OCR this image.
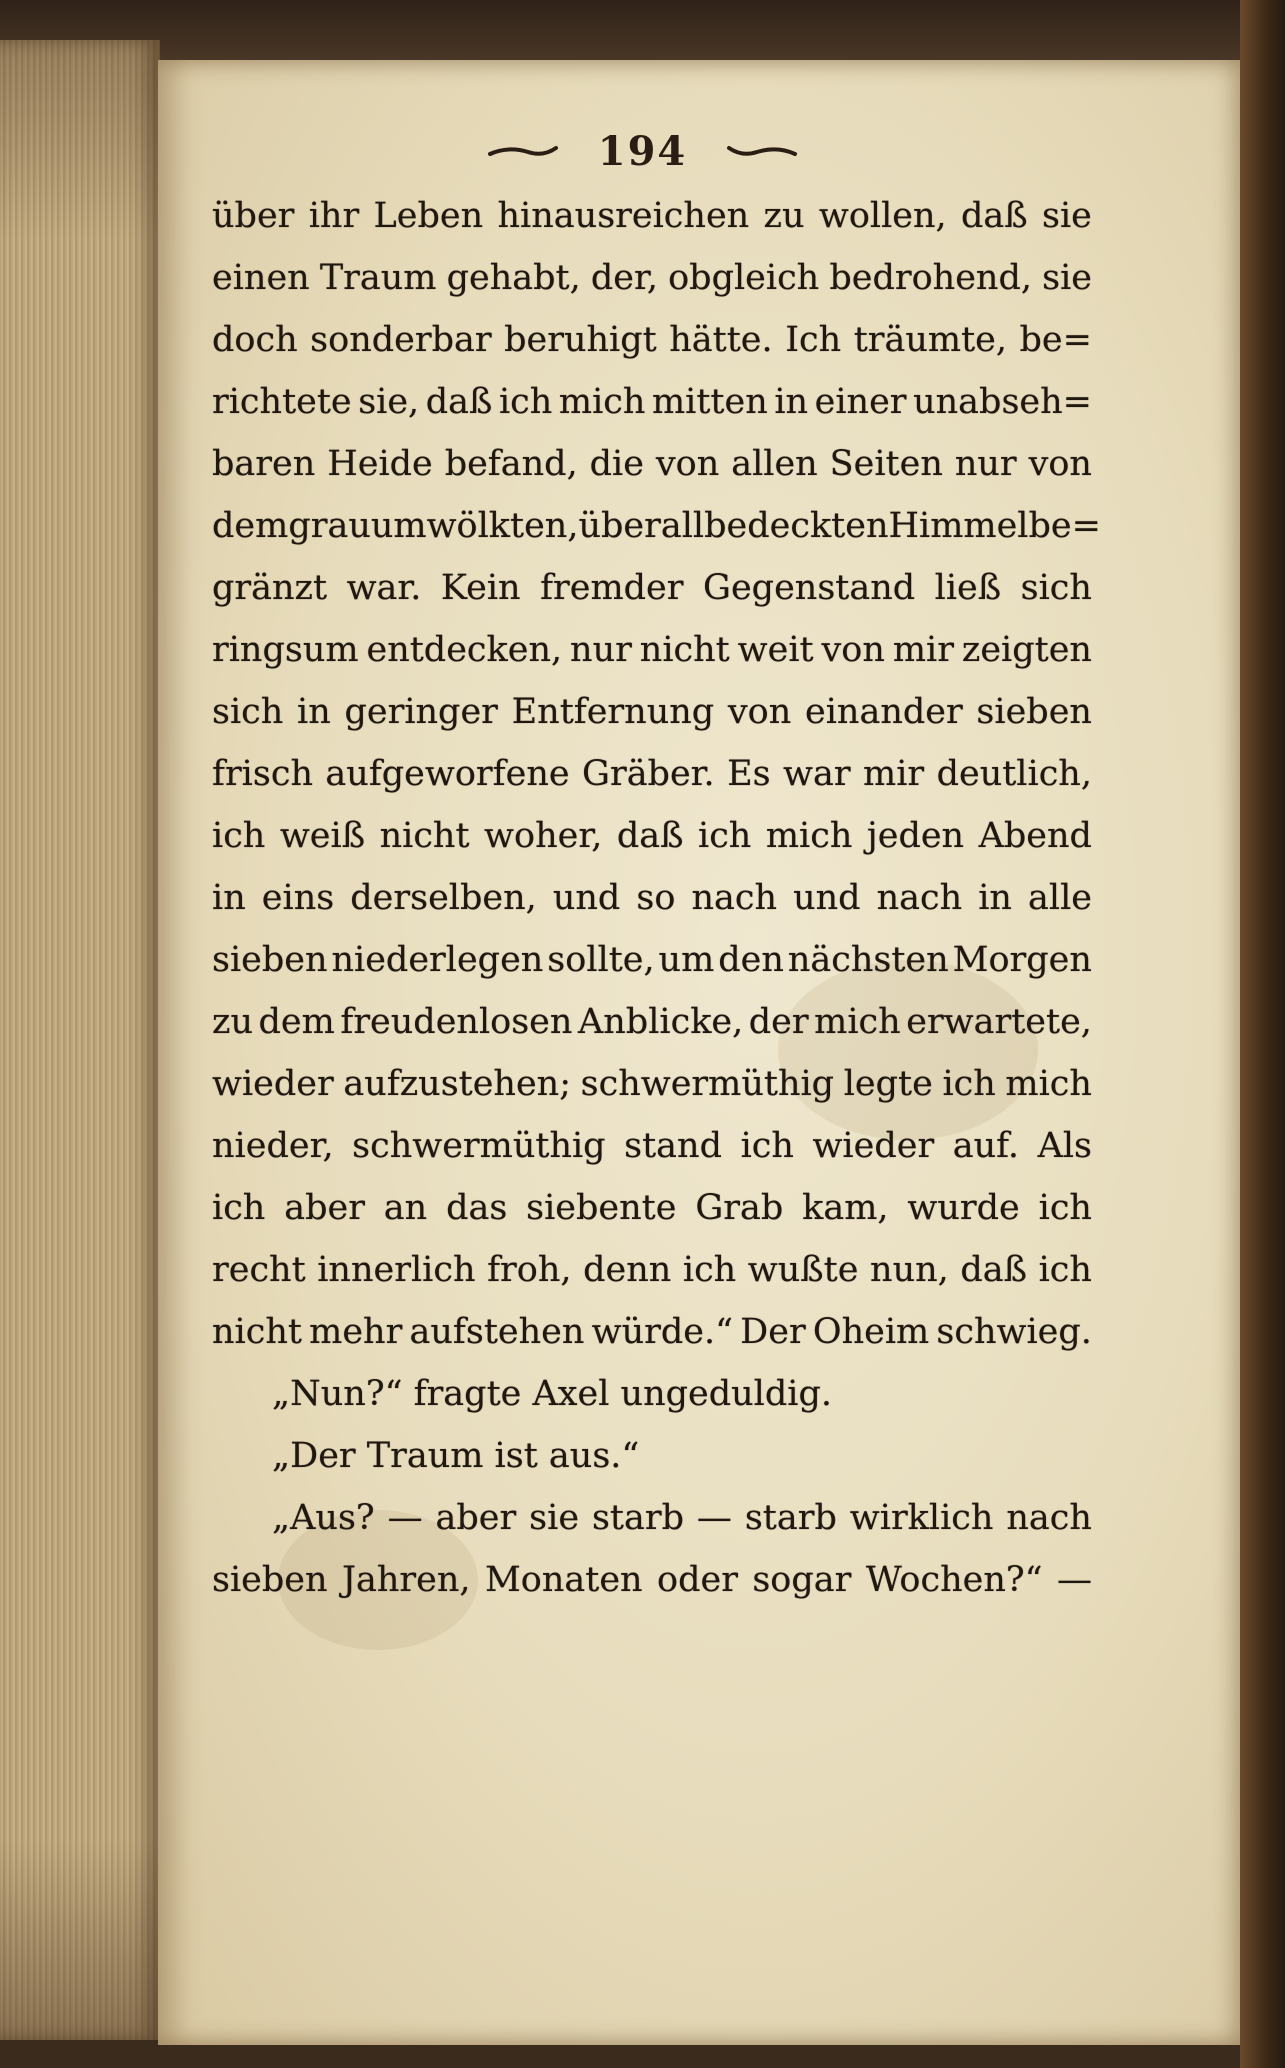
194
über ihr Leben hinausreichen zu wollen, daß sie
einen Traum gehabt, der, obgleich bedrohend, sie
doch sonderbar beruhigt hätte. Ich träumte, be=
richtete sie, daß ich mich mitten in einer unabseh=
baren Heide befand, die von allen Seiten nur von
dem grauumwölkten, überall bedeckten Himmel be=
gränzt war. Kein fremder Gegenstand ließ sich
ringsum entdecken, nur nicht weit von mir zeigten
sich in geringer Entfernung von einander sieben
frisch aufgeworfene Gräber. Es war mir deutlich,
ich weiß nicht woher, daß ich mich jeden Abend
in eins derselben, und so nach und nach in alle
sieben niederlegen sollte, um den nächsten Morgen
zu dem freudenlosen Anblicke, der mich erwartete,
wieder aufzustehen; schwermüthig legte ich mich
nieder, schwermüthig stand ich wieder auf. Als
ich aber an das siebente Grab kam, wurde ich
recht innerlich froh, denn ich wußte nun, daß ich
nicht mehr aufstehen würde.“ Der Oheim schwieg.
„Nun?“ fragte Axel ungeduldig.
„Der Traum ist aus.“
„Aus? — aber sie starb — starb wirklich nach
sieben Jahren, Monaten oder sogar Wochen?“ —
